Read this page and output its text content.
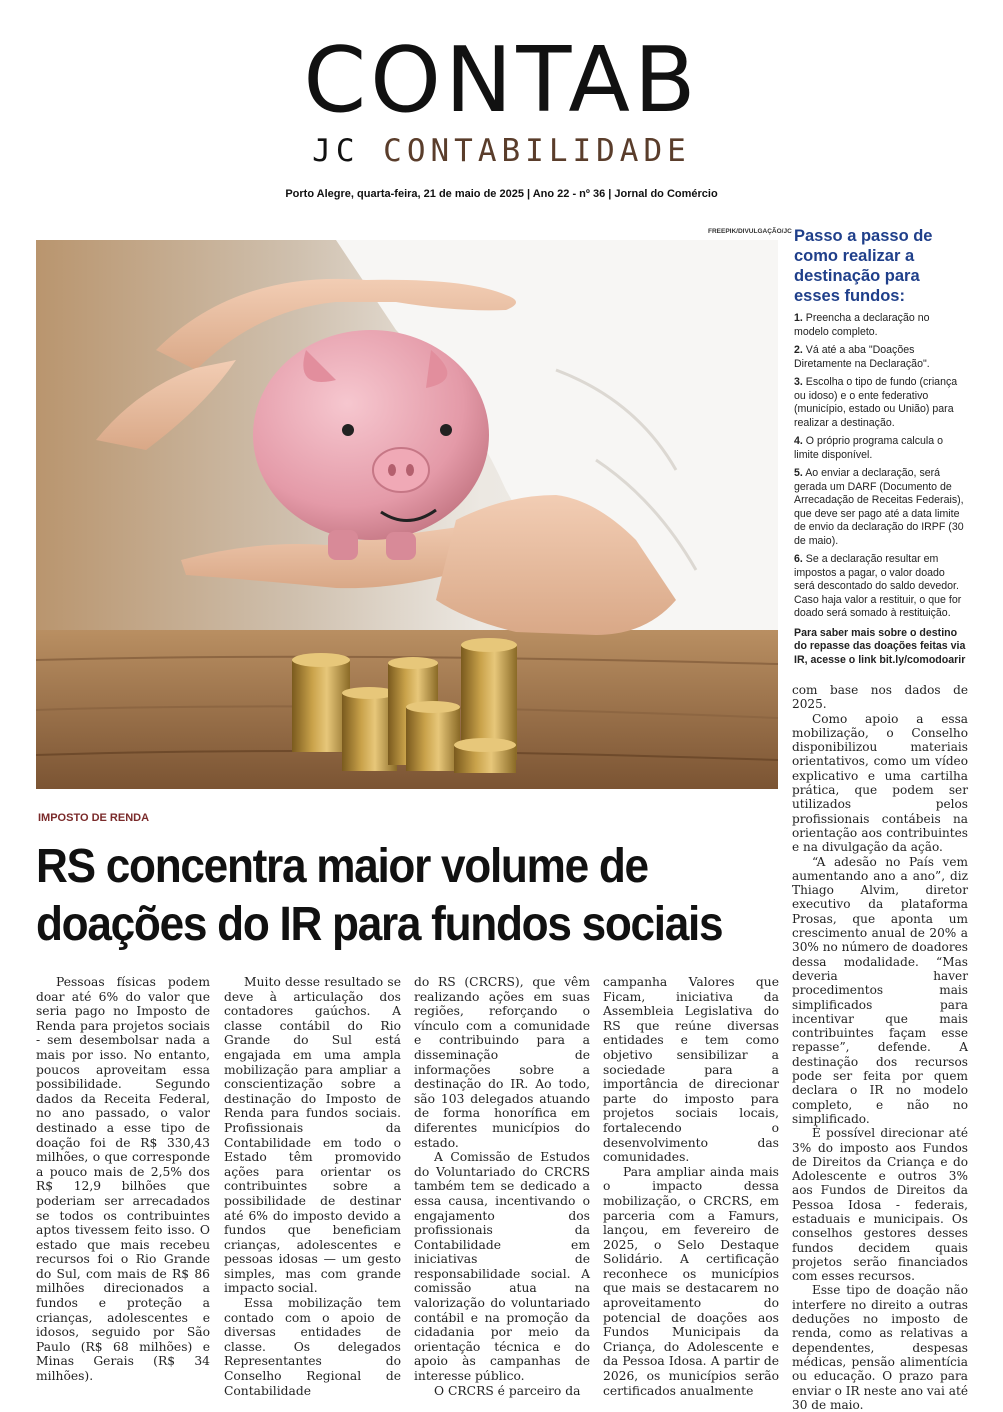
CONTAB
JC CONTABILIDADE
Porto Alegre, quarta-feira, 21 de maio de 2025 | Ano 22 - nº 36 | Jornal do Comércio
FREEPIK/DIVULGAÇÃO/JC Passo a passo de como realizar a destinação para esses fundos:
1. Preencha a declaração no modelo completo.
2. Vá até a aba "Doações Diretamente na Declaração".
3. Escolha o tipo de fundo (criança ou idoso) e o ente federativo (município, estado ou União) para realizar a destinação.
4. O próprio programa calcula o limite disponível.
5. Ao enviar a declaração, será gerada um DARF (Documento de Arrecadação de Receitas Federais), que deve ser pago até a data limite de envio da declaração do IRPF (30 de maio).
6. Se a declaração resultar em impostos a pagar, o valor doado será descontado do saldo devedor. Caso haja valor a restituir, o que for doado será somado à restituição.
Para saber mais sobre o destino do repasse das doações feitas via IR, acesse o link bit.ly/comodoarir
IMPOSTO DE RENDA
RS concentra maior volume de doações do IR para fundos sociais

Pessoas físicas podem doar até 6% do valor que seria pago no Imposto de Renda para projetos sociais - sem desembolsar nada a mais por isso. No entanto, poucos aproveitam essa possibilidade. Segundo dados da Receita Federal, no ano passado, o valor destinado a esse tipo de doação foi de R$ 330,43 milhões, o que corresponde a pouco mais de 2,5% dos R$ 12,9 bilhões que poderiam ser arrecadados se todos os contribuintes aptos tivessem feito isso. O estado que mais recebeu recursos foi o Rio Grande do Sul, com mais de R$ 86 milhões direcionados a fundos e proteção a crianças, adolescentes e idosos, seguido por São Paulo (R$ 68 milhões) e Minas Gerais (R$ 34 milhões).

Muito desse resultado se deve à articulação dos contadores gaúchos. A classe contábil do Rio Grande do Sul está engajada em uma ampla mobilização para ampliar a conscientização sobre a destinação do Imposto de Renda para fundos sociais. Profissionais da Contabilidade em todo o Estado têm promovido ações para orientar os contribuintes sobre a possibilidade de destinar até 6% do imposto devido a fundos que beneficiam crianças, adolescentes e pessoas idosas — um gesto simples, mas com grande impacto social.

Essa mobilização tem contado com o apoio de diversas entidades de classe. Os delegados Representantes do Conselho Regional de Contabilidade

do RS (CRCRS), que vêm realizando ações em suas regiões, reforçando o vínculo com a comunidade e contribuindo para a disseminação de informações sobre a destinação do IR. Ao todo, são 103 delegados atuando de forma honorífica em diferentes municípios do estado.

A Comissão de Estudos do Voluntariado do CRCRS também tem se dedicado a essa causa, incentivando o engajamento dos profissionais da Contabilidade em iniciativas de responsabilidade social. A comissão atua na valorização do voluntariado contábil e na promoção da cidadania por meio da orientação técnica e do apoio às campanhas de interesse público.

O CRCRS é parceiro da

campanha Valores que Ficam, iniciativa da Assembleia Legislativa do RS que reúne diversas entidades e tem como objetivo sensibilizar a sociedade para a importância de direcionar parte do imposto para projetos sociais locais, fortalecendo o desenvolvimento das comunidades.

Para ampliar ainda mais o impacto dessa mobilização, o CRCRS, em parceria com a Famurs, lançou, em fevereiro de 2025, o Selo Destaque Solidário. A certificação reconhece os municípios que mais se destacarem no aproveitamento do potencial de doações aos Fundos Municipais da Criança, do Adolescente e da Pessoa Idosa. A partir de 2026, os municípios serão certificados anualmente

com base nos dados de 2025.

Como apoio a essa mobilização, o Conselho disponibilizou materiais orientativos, como um vídeo explicativo e uma cartilha prática, que podem ser utilizados pelos profissionais contábeis na orientação aos contribuintes e na divulgação da ação.

“A adesão no País vem aumentando ano a ano”, diz Thiago Alvim, diretor executivo da plataforma Prosas, que aponta um crescimento anual de 20% a 30% no número de doadores dessa modalidade. “Mas deveria haver procedimentos mais simplificados para incentivar que mais contribuintes façam esse repasse”, defende. A destinação dos recursos pode ser feita por quem declara o IR no modelo completo, e não no simplificado.

É possível direcionar até 3% do imposto aos Fundos de Direitos da Criança e do Adolescente e outros 3% aos Fundos de Direitos da Pessoa Idosa - federais, estaduais e municipais. Os conselhos gestores desses fundos decidem quais projetos serão financiados com esses recursos.

Esse tipo de doação não interfere no direito a outras deduções no imposto de renda, como as relativas a dependentes, despesas médicas, pensão alimentícia ou educação. O prazo para enviar o IR neste ano vai até 30 de maio.
